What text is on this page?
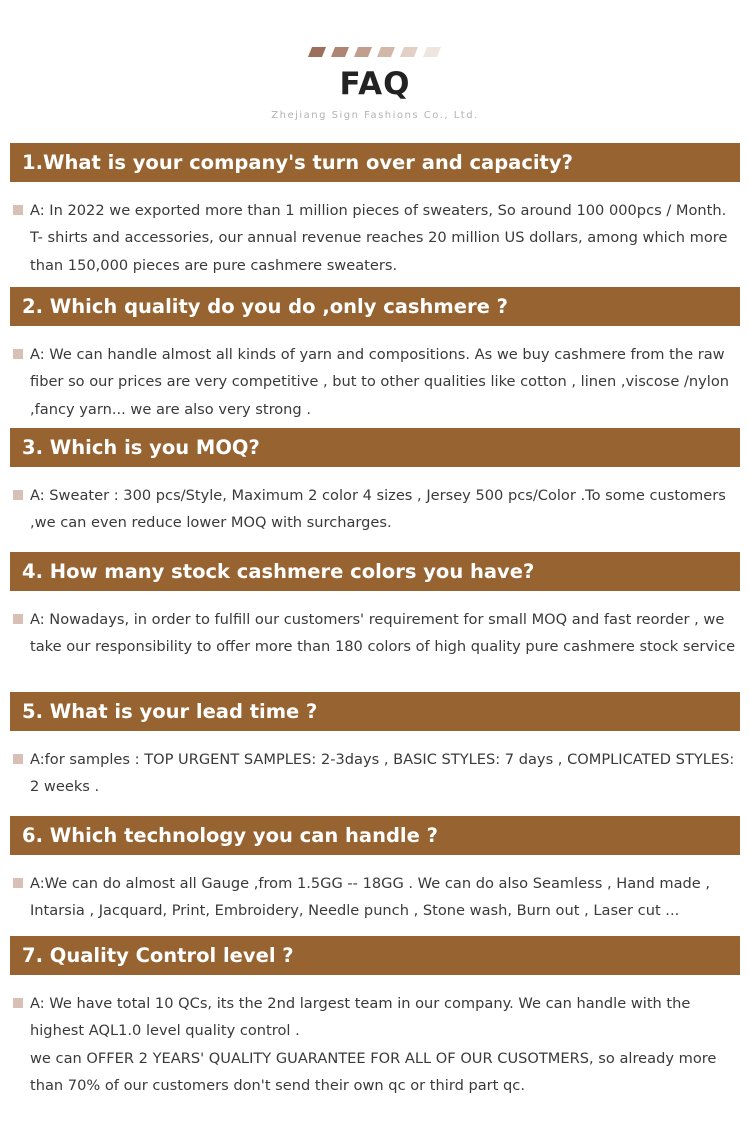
FAQ
Zhejiang Sign Fashions Co., Ltd.
1.What is your company's turn over and capacity?
A: In 2022 we exported more than 1 million pieces of sweaters, So around 100 000pcs / Month. T- shirts and accessories, our annual revenue reaches 20 million US dollars, among which more than 150,000 pieces are pure cashmere sweaters.
2. Which quality do you do ,only cashmere ?
A: We can handle almost all kinds of yarn and compositions. As we buy cashmere from the raw fiber so our prices are very competitive , but to other qualities like cotton , linen ,viscose /nylon ,fancy yarn... we are also very strong .
3. Which is you MOQ?
A: Sweater : 300 pcs/Style, Maximum 2 color 4 sizes , Jersey 500 pcs/Color .To some customers ,we can even reduce lower MOQ with surcharges.
4. How many stock cashmere colors you have?
A: Nowadays, in order to fulfill our customers' requirement for small MOQ and fast reorder , we take our responsibility to offer more than 180 colors of high quality pure cashmere stock service
5. What is your lead time ?
A:for samples : TOP URGENT SAMPLES: 2-3days , BASIC STYLES: 7 days , COMPLICATED STYLES: 2 weeks .
6. Which technology you can handle ?
A:We can do almost all Gauge ,from 1.5GG -- 18GG . We can do also Seamless , Hand made , Intarsia , Jacquard, Print, Embroidery, Needle punch , Stone wash, Burn out , Laser cut ...
7. Quality Control level ?
A: We have total 10 QCs, its the 2nd largest team in our company. We can handle with the highest AQL1.0 level quality control .
we can OFFER 2 YEARS' QUALITY GUARANTEE FOR ALL OF OUR CUSOTMERS, so already more than 70% of our customers don't send their own qc or third part qc.
